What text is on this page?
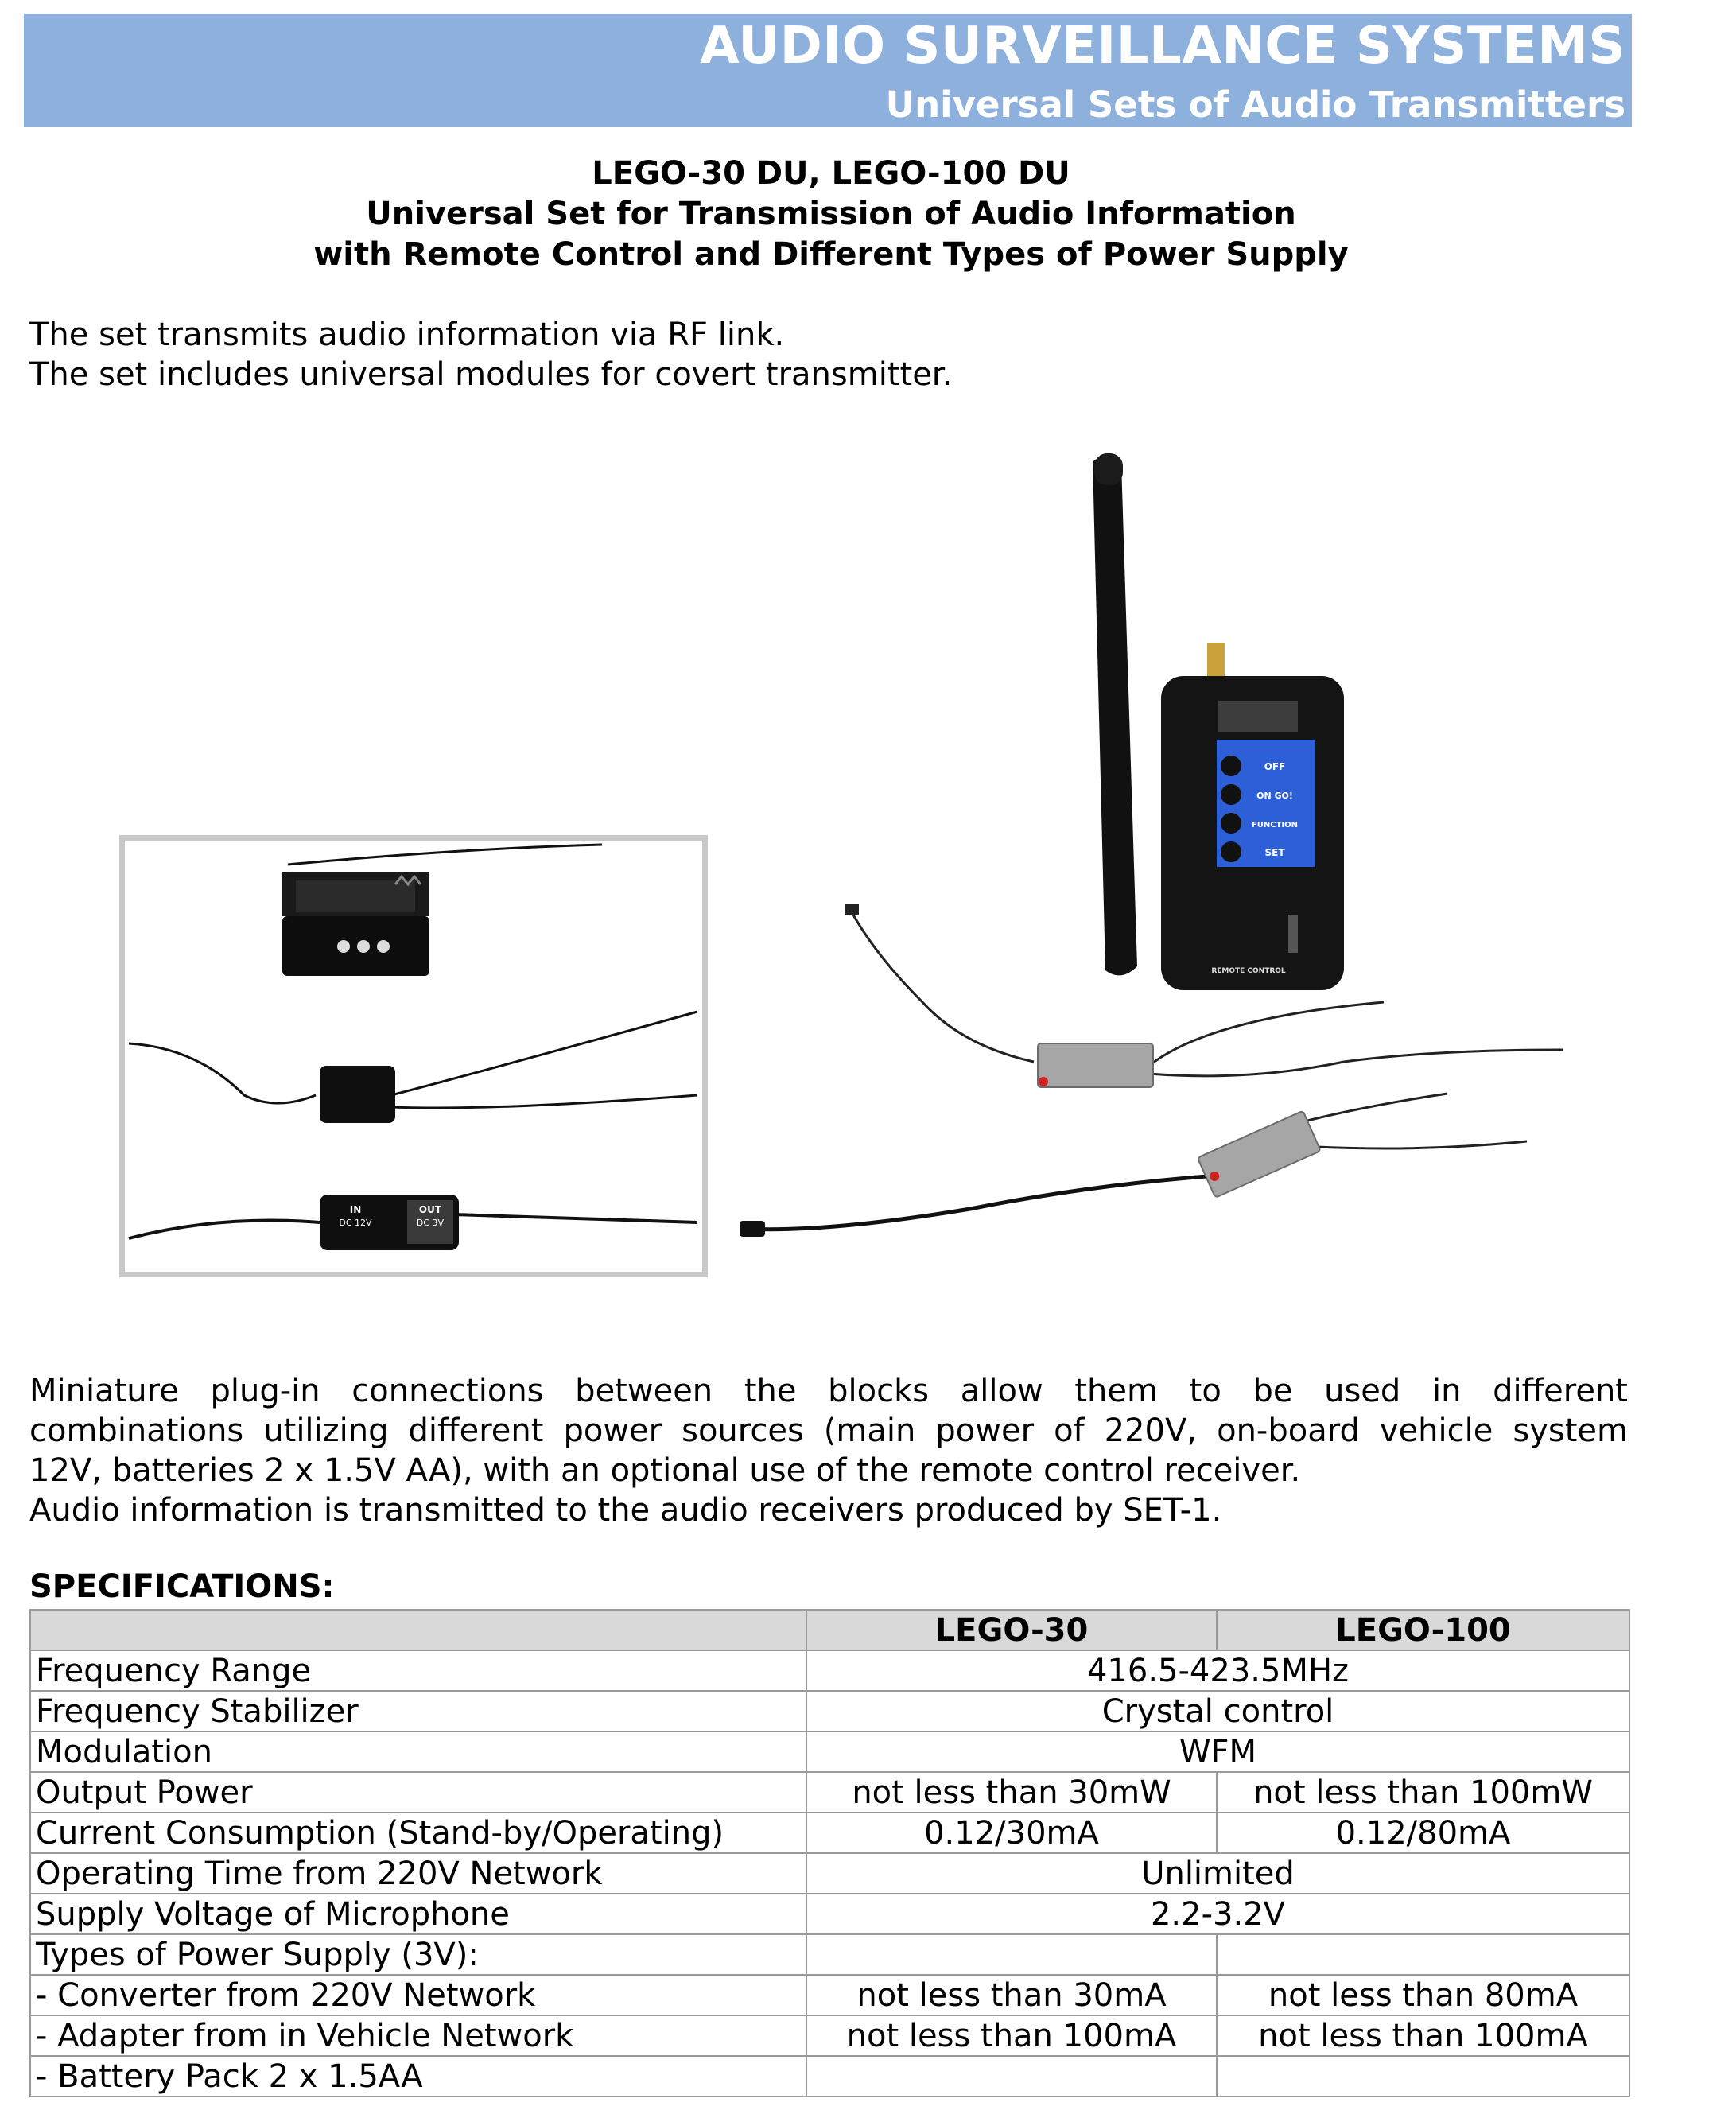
AUDIO SURVEILLANCE SYSTEMS
Universal Sets of Audio Transmitters
LEGO-30 DU, LEGO-100 DU
Universal Set for Transmission of Audio Information
with Remote Control and Different Types of Power Supply
The set transmits audio information via RF link.
The set includes universal modules for covert transmitter.
IN
DC 12V
OUT
DC 3V
OFF
ON GO!
FUNCTION
SET
REMOTE CONTROL
Miniature plug-in connections between the blocks allow them to be used in different
combinations utilizing different power sources (main power of 220V, on-board vehicle system
12V, batteries 2 x 1.5V AA), with an optional use of the remote control receiver.
Audio information is transmitted to the audio receivers produced by SET-1.
SPECIFICATIONS:
	LEGO-30	LEGO-100
Frequency Range	416.5-423.5MHz	
Frequency Stabilizer	Crystal control	
Modulation	WFM	
Output Power	not less than 30mW	not less than 100mW
Current Consumption (Stand-by/Operating)	0.12/30mA	0.12/80mA
Operating Time from 220V Network	Unlimited	
Supply Voltage of Microphone	2.2-3.2V	
Types of Power Supply (3V):		
- Converter from 220V Network	not less than 30mA	not less than 80mA
- Adapter from in Vehicle Network	not less than 100mA	not less than 100mA
- Battery Pack 2 x 1.5AA		
